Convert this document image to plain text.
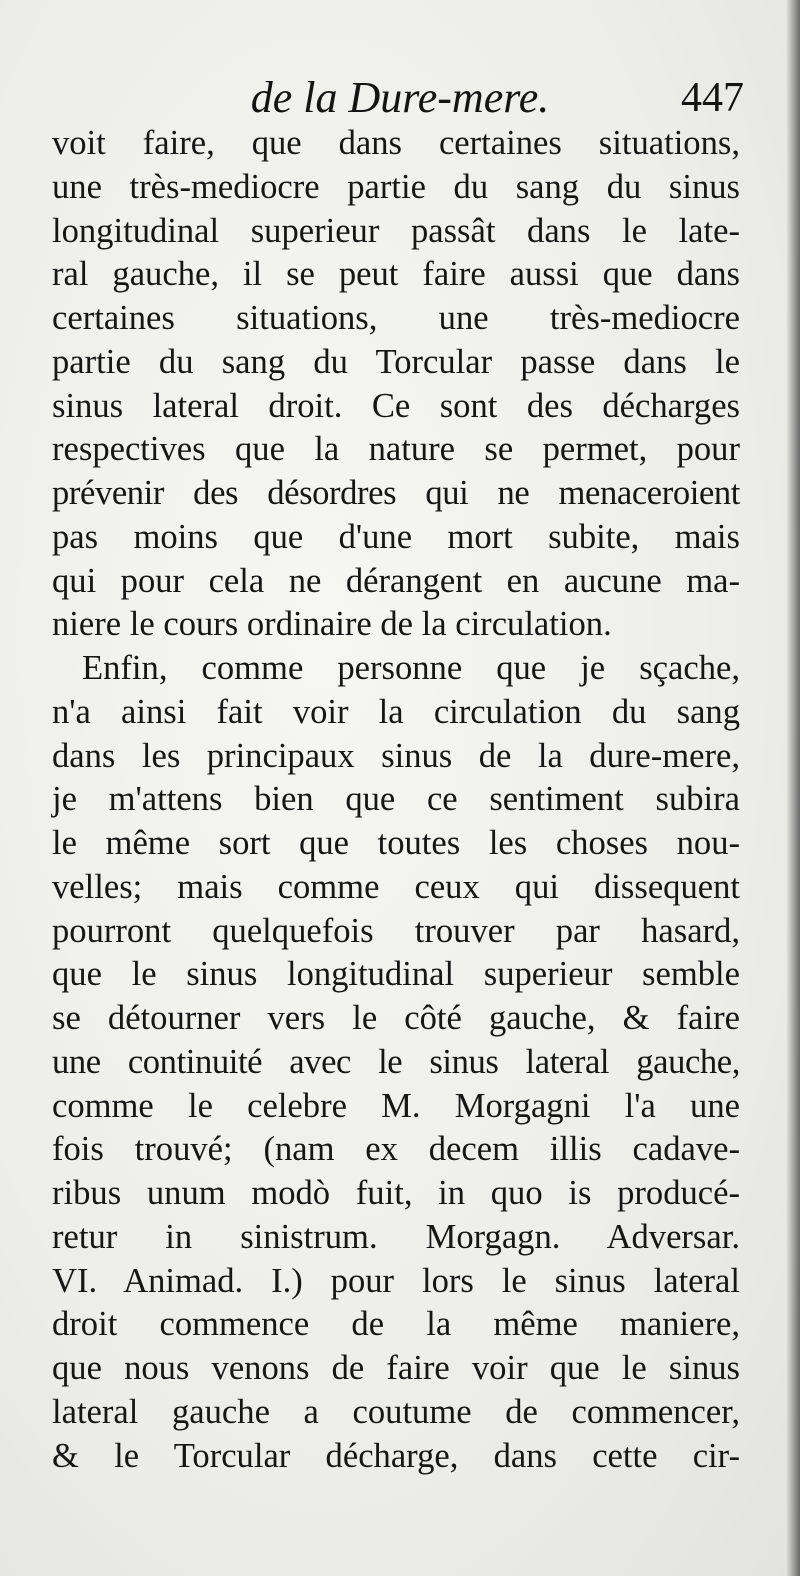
de la Dure-mere.	447
voit faire, que dans certaines situations,
une très-mediocre partie du sang du sinus
longitudinal superieur passât dans le late-
ral gauche, il se peut faire aussi que dans
certaines situations, une très-mediocre
partie du sang du Torcular passe dans le
sinus lateral droit. Ce sont des décharges
respectives que la nature se permet, pour
prévenir des désordres qui ne menaceroient
pas moins que d'une mort subite, mais
qui pour cela ne dérangent en aucune ma-
niere le cours ordinaire de la circulation.
Enfin, comme personne que je sçache,
n'a ainsi fait voir la circulation du sang
dans les principaux sinus de la dure-mere,
je m'attens bien que ce sentiment subira
le même sort que toutes les choses nou-
velles; mais comme ceux qui dissequent
pourront quelquefois trouver par hasard,
que le sinus longitudinal superieur semble
se détourner vers le côté gauche, & faire
une continuité avec le sinus lateral gauche,
comme le celebre M. Morgagni l'a une
fois trouvé; (nam ex decem illis cadave-
ribus unum modò fuit, in quo is producé-
retur in sinistrum. Morgagn. Adversar.
VI. Animad. I.) pour lors le sinus lateral
droit commence de la même maniere,
que nous venons de faire voir que le sinus
lateral gauche a coutume de commencer,
& le Torcular décharge, dans cette cir-
